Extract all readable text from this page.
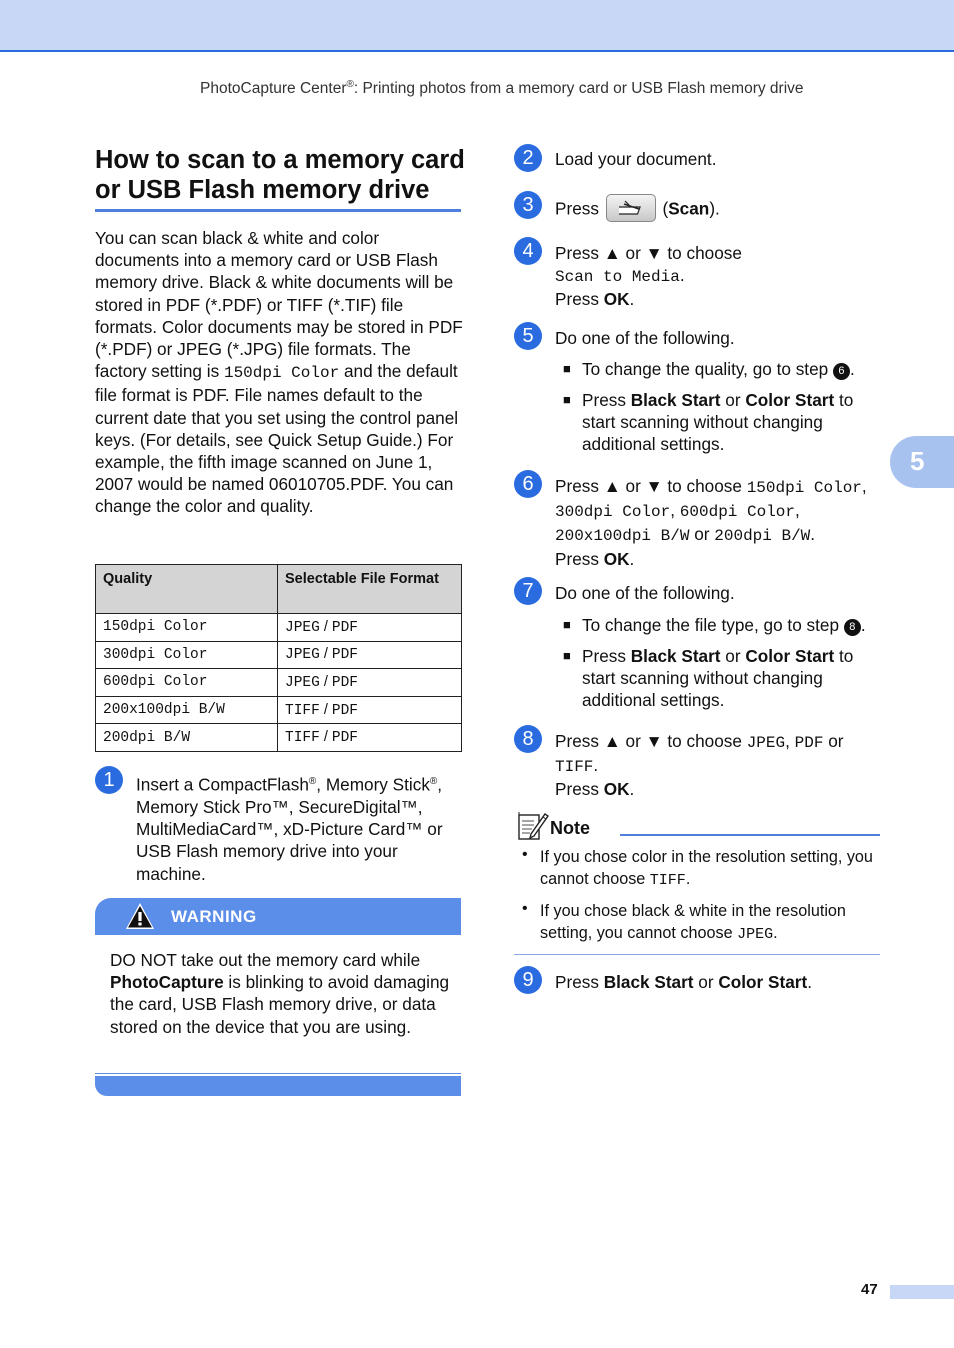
PhotoCapture Center®: Printing photos from a memory card or USB Flash memory drive
5
How to scan to a memory card
or USB Flash memory drive
You can scan black & white and color documents into a memory card or USB Flash memory drive. Black & white documents will be stored in PDF (*.PDF) or TIFF (*.TIF) file formats. Color documents may be stored in PDF (*.PDF) or JPEG (*.JPG) file formats. The factory setting is 150dpi Color and the default file format is PDF. File names default to the current date that you set using the control panel keys. (For details, see Quick Setup Guide.) For example, the fifth image scanned on June 1, 2007 would be named 06010705.PDF. You can change the color and quality.
Quality	Selectable File Format
150dpi Color	JPEG / PDF
300dpi Color	JPEG / PDF
600dpi Color	JPEG / PDF
200x100dpi B/W	TIFF / PDF
200dpi B/W	TIFF / PDF
1	Insert a CompactFlash®, Memory Stick®, Memory Stick Pro™, SecureDigital™, MultiMediaCard™, xD-Picture Card™ or USB Flash memory drive into your machine.
WARNING
DO NOT take out the memory card while PhotoCapture is blinking to avoid damaging the card, USB Flash memory drive, or data stored on the device that you are using.
2	Load your document.
3	Press	(Scan).
4	Press ▲ or ▼ to choose
Scan to Media.
Press OK.
5	Do one of the following.
■ To change the quality, go to step 6 .
■ Press Black Start or Color Start to start scanning without changing additional settings.
6	Press ▲ or ▼ to choose 150dpi Color,
300dpi Color, 600dpi Color,
200x100dpi B/W or 200dpi B/W.
Press OK.
7	Do one of the following.
■ To change the file type, go to step 8 .
■ Press Black Start or Color Start to start scanning without changing additional settings.
8	Press ▲ or ▼ to choose JPEG, PDF or
TIFF.
Press OK.
Note
• If you chose color in the resolution setting, you cannot choose TIFF.
• If you chose black & white in the resolution setting, you cannot choose JPEG.
9	Press Black Start or Color Start.
47
